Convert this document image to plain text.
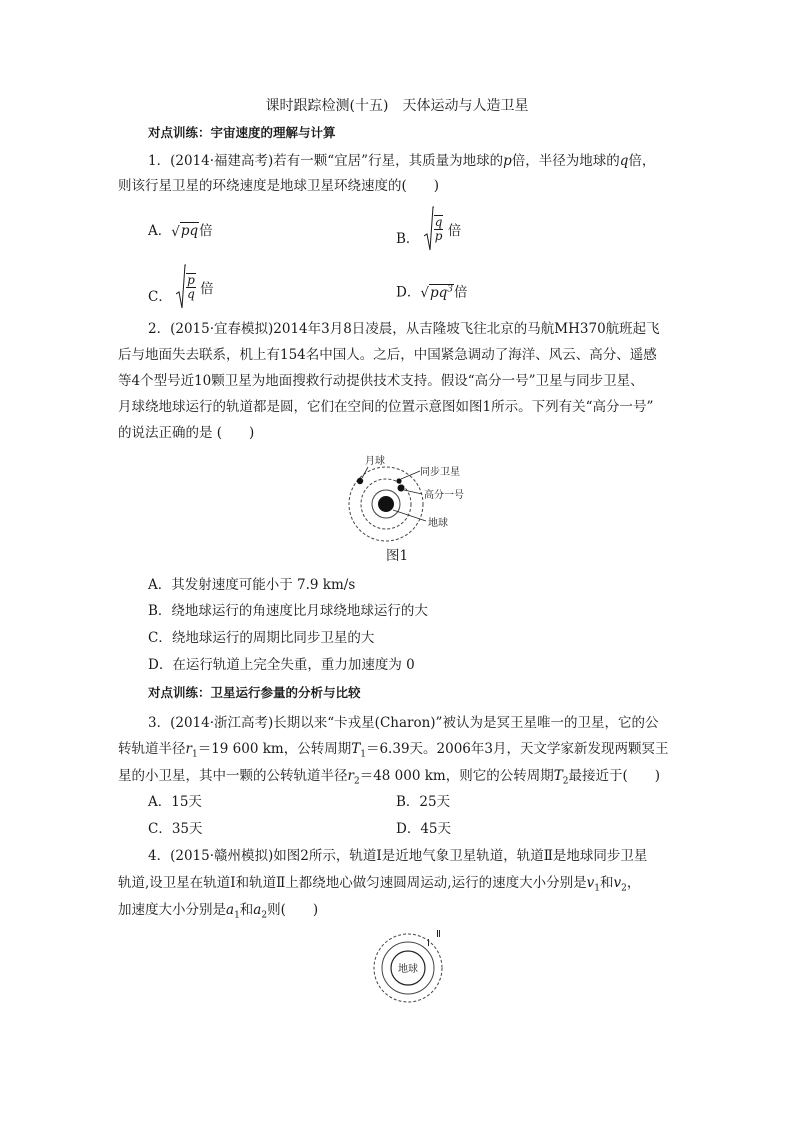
课时跟踪检测(十五)　天体运动与人造卫星
对点训练：宇宙速度的理解与计算
1．(2014·福建高考)若有一颗“宜居”行星，其质量为地球的p倍，半径为地球的q倍，
则该行星卫星的环绕速度是地球卫星环绕速度的(　　)
A．√pq倍	B． $\frac{q}{p}$ 倍
C． $\frac{p}{q}$ 倍	D．$√pq^3$倍
2．(2015·宜春模拟)2014年3月8日凌晨，从吉隆坡飞往北京的马航MH370航班起飞
后与地面失去联系，机上有154名中国人。之后，中国紧急调动了海洋、风云、高分、遥感
等4个型号近10颗卫星为地面搜救行动提供技术支持。假设“高分一号”卫星与同步卫星、
月球绕地球运行的轨道都是圆，它们在空间的位置示意图如图1所示。下列有关“高分一号”
的说法正确的是 (　　)
月球
同步卫星
高分一号
地球
图1
A．其发射速度可能小于 7.9 km/s
B．绕地球运行的角速度比月球绕地球运行的大
C．绕地球运行的周期比同步卫星的大
D．在运行轨道上完全失重，重力加速度为 0
对点训练：卫星运行参量的分析与比较
3．(2014·浙江高考)长期以来“卡戎星(Charon)”被认为是冥王星唯一的卫星，它的公
转轨道半径$r_1=19$ 600 km，公转周期$T_1=6.39$天。2006年3月，天文学家新发现两颗冥王
星的小卫星，其中一颗的公转轨道半径$r_2=48$ 000 km，则它的公转周期$T_2$最接近于(　　)
A．15天	B．25天
C．35天	D．45天
4．(2015·赣州模拟)如图2所示，轨道Ⅰ是近地气象卫星轨道，轨道Ⅱ是地球同步卫星
轨道,设卫星在轨道Ⅰ和轨道Ⅱ上都绕地心做匀速圆周运动,运行的速度大小分别是$v_1$和$v_2$，
加速度大小分别是$a_1$和$a_2$则(　　)
地球
Ⅰ
Ⅱ
